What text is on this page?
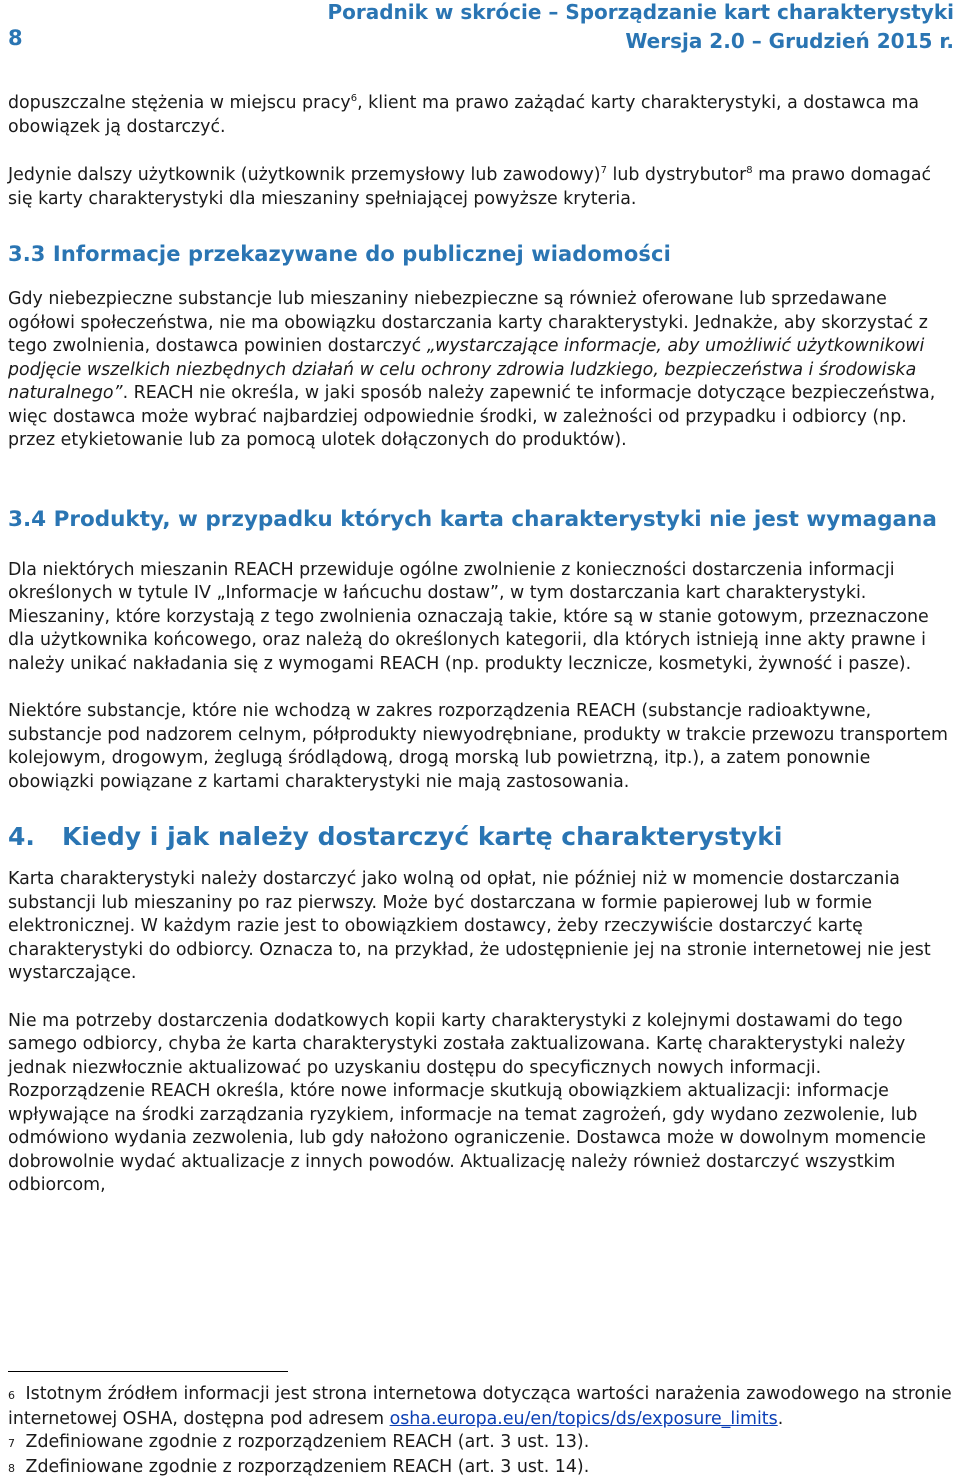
8
Poradnik w skrócie – Sporządzanie kart charakterystyki
Wersja 2.0 – Grudzień 2015 r.

dopuszczalne stężenia w miejscu pracy$^6$, klient ma prawo zażądać karty charakterystyki, a dostawca ma obowiązek ją dostarczyć.

Jedynie dalszy użytkownik (użytkownik przemysłowy lub zawodowy)$^7$ lub dystrybutor$^8$ ma prawo domagać się karty charakterystyki dla mieszaniny spełniającej powyższe kryteria.

3.3 Informacje przekazywane do publicznej wiadomości

Gdy niebezpieczne substancje lub mieszaniny niebezpieczne są również oferowane lub sprzedawane ogółowi społeczeństwa, nie ma obowiązku dostarczania karty charakterystyki. Jednakże, aby skorzystać z tego zwolnienia, dostawca powinien dostarczyć „wystarczające informacje, aby umożliwić użytkownikowi podjęcie wszelkich niezbędnych działań w celu ochrony zdrowia ludzkiego, bezpieczeństwa i środowiska naturalnego”. REACH nie określa, w jaki sposób należy zapewnić te informacje dotyczące bezpieczeństwa, więc dostawca może wybrać najbardziej odpowiednie środki, w zależności od przypadku i odbiorcy (np. przez etykietowanie lub za pomocą ulotek dołączonych do produktów).

3.4 Produkty, w przypadku których karta charakterystyki nie jest wymagana

Dla niektórych mieszanin REACH przewiduje ogólne zwolnienie z konieczności dostarczenia informacji określonych w tytule IV „Informacje w łańcuchu dostaw”, w tym dostarczania kart charakterystyki. Mieszaniny, które korzystają z tego zwolnienia oznaczają takie, które są w stanie gotowym, przeznaczone dla użytkownika końcowego, oraz należą do określonych kategorii, dla których istnieją inne akty prawne i należy unikać nakładania się z wymogami REACH (np. produkty lecznicze, kosmetyki, żywność i pasze).

Niektóre substancje, które nie wchodzą w zakres rozporządzenia REACH (substancje radioaktywne, substancje pod nadzorem celnym, półprodukty niewyodrębniane, produkty w trakcie przewozu transportem kolejowym, drogowym, żeglugą śródlądową, drogą morską lub powietrzną, itp.), a zatem ponownie obowiązki powiązane z kartami charakterystyki nie mają zastosowania.

4.	Kiedy i jak należy dostarczyć kartę charakterystyki

Karta charakterystyki należy dostarczyć jako wolną od opłat, nie później niż w momencie dostarczania substancji lub mieszaniny po raz pierwszy. Może być dostarczana w formie papierowej lub w formie elektronicznej. W każdym razie jest to obowiązkiem dostawcy, żeby rzeczywiście dostarczyć kartę charakterystyki do odbiorcy. Oznacza to, na przykład, że udostępnienie jej na stronie internetowej nie jest wystarczające.

Nie ma potrzeby dostarczenia dodatkowych kopii karty charakterystyki z kolejnymi dostawami do tego samego odbiorcy, chyba że karta charakterystyki została zaktualizowana. Kartę charakterystyki należy jednak niezwłocznie aktualizować po uzyskaniu dostępu do specyficznych nowych informacji. Rozporządzenie REACH określa, które nowe informacje skutkują obowiązkiem aktualizacji: informacje wpływające na środki zarządzania ryzykiem, informacje na temat zagrożeń, gdy wydano zezwolenie, lub odmówiono wydania zezwolenia, lub gdy nałożono ograniczenie. Dostawca może w dowolnym momencie dobrowolnie wydać aktualizacje z innych powodów. Aktualizację należy również dostarczyć wszystkim odbiorcom,

6 Istotnym źródłem informacji jest strona internetowa dotycząca wartości narażenia zawodowego na stronie internetowej OSHA, dostępna pod adresem osha.europa.eu/en/topics/ds/exposure_limits.

7 Zdefiniowane zgodnie z rozporządzeniem REACH (art. 3 ust. 13).

8 Zdefiniowane zgodnie z rozporządzeniem REACH (art. 3 ust. 14).
